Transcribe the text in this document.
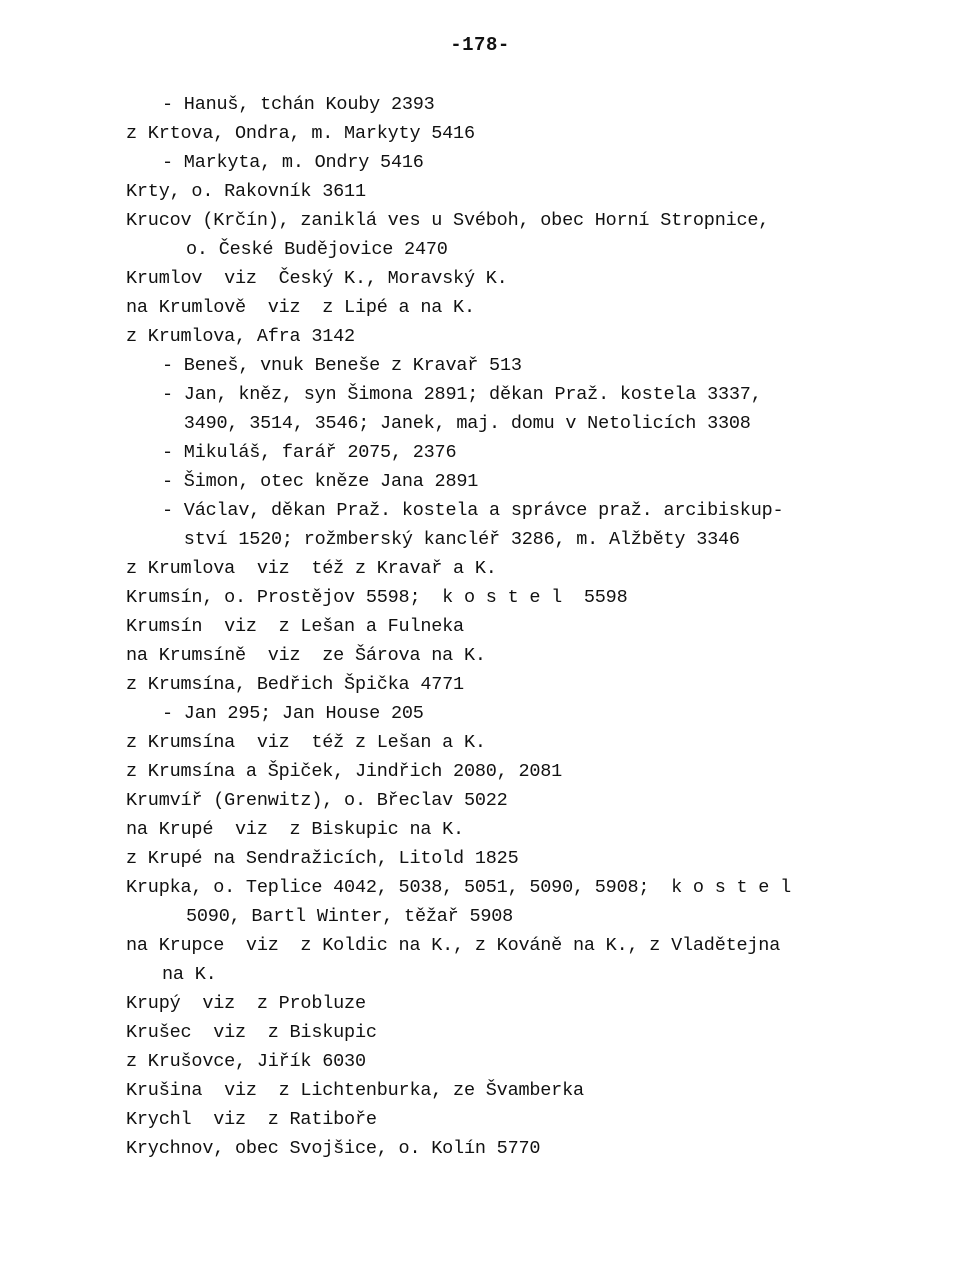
-178-
- Hanuš, tchán Kouby 2393
z Krtova, Ondra, m. Markyty 5416
- Markyta, m. Ondry 5416
Krty, o. Rakovník 3611
Krucov (Krčín), zaniklá ves u Svéboh, obec Horní Stropnice,
o. České Budějovice 2470
Krumlov  viz  Český K., Moravský K.
na Krumlově  viz  z Lipé a na K.
z Krumlova, Afra 3142
- Beneš, vnuk Beneše z Kravař 513
- Jan, kněz, syn Šimona 2891; děkan Praž. kostela 3337,
3490, 3514, 3546; Janek, maj. domu v Netolicích 3308
- Mikuláš, farář 2075, 2376
- Šimon, otec kněze Jana 2891
- Václav, děkan Praž. kostela a správce praž. arcibiskup-
ství 1520; rožmberský kancléř 3286, m. Alžběty 3346
z Krumlova  viz  též z Kravař a K.
Krumsín, o. Prostějov 5598;  k o s t e l  5598
Krumsín  viz  z Lešan a Fulneka
na Krumsíně  viz  ze Šárova na K.
z Krumsína, Bedřich Špička 4771
- Jan 295; Jan House 205
z Krumsína  viz  též z Lešan a K.
z Krumsína a Špiček, Jindřich 2080, 2081
Krumvíř (Grenwitz), o. Břeclav 5022
na Krupé  viz  z Biskupic na K.
z Krupé na Sendražicích, Litold 1825
Krupka, o. Teplice 4042, 5038, 5051, 5090, 5908;  k o s t e l
5090, Bartl Winter, těžař 5908
na Krupce  viz  z Koldic na K., z Kováně na K., z Vladětejna
na K.
Krupý  viz  z Probluze
Krušec  viz  z Biskupic
z Krušovce, Jiřík 6030
Krušina  viz  z Lichtenburka, ze Švamberka
Krychl  viz  z Ratiboře
Krychnov, obec Svojšice, o. Kolín 5770
